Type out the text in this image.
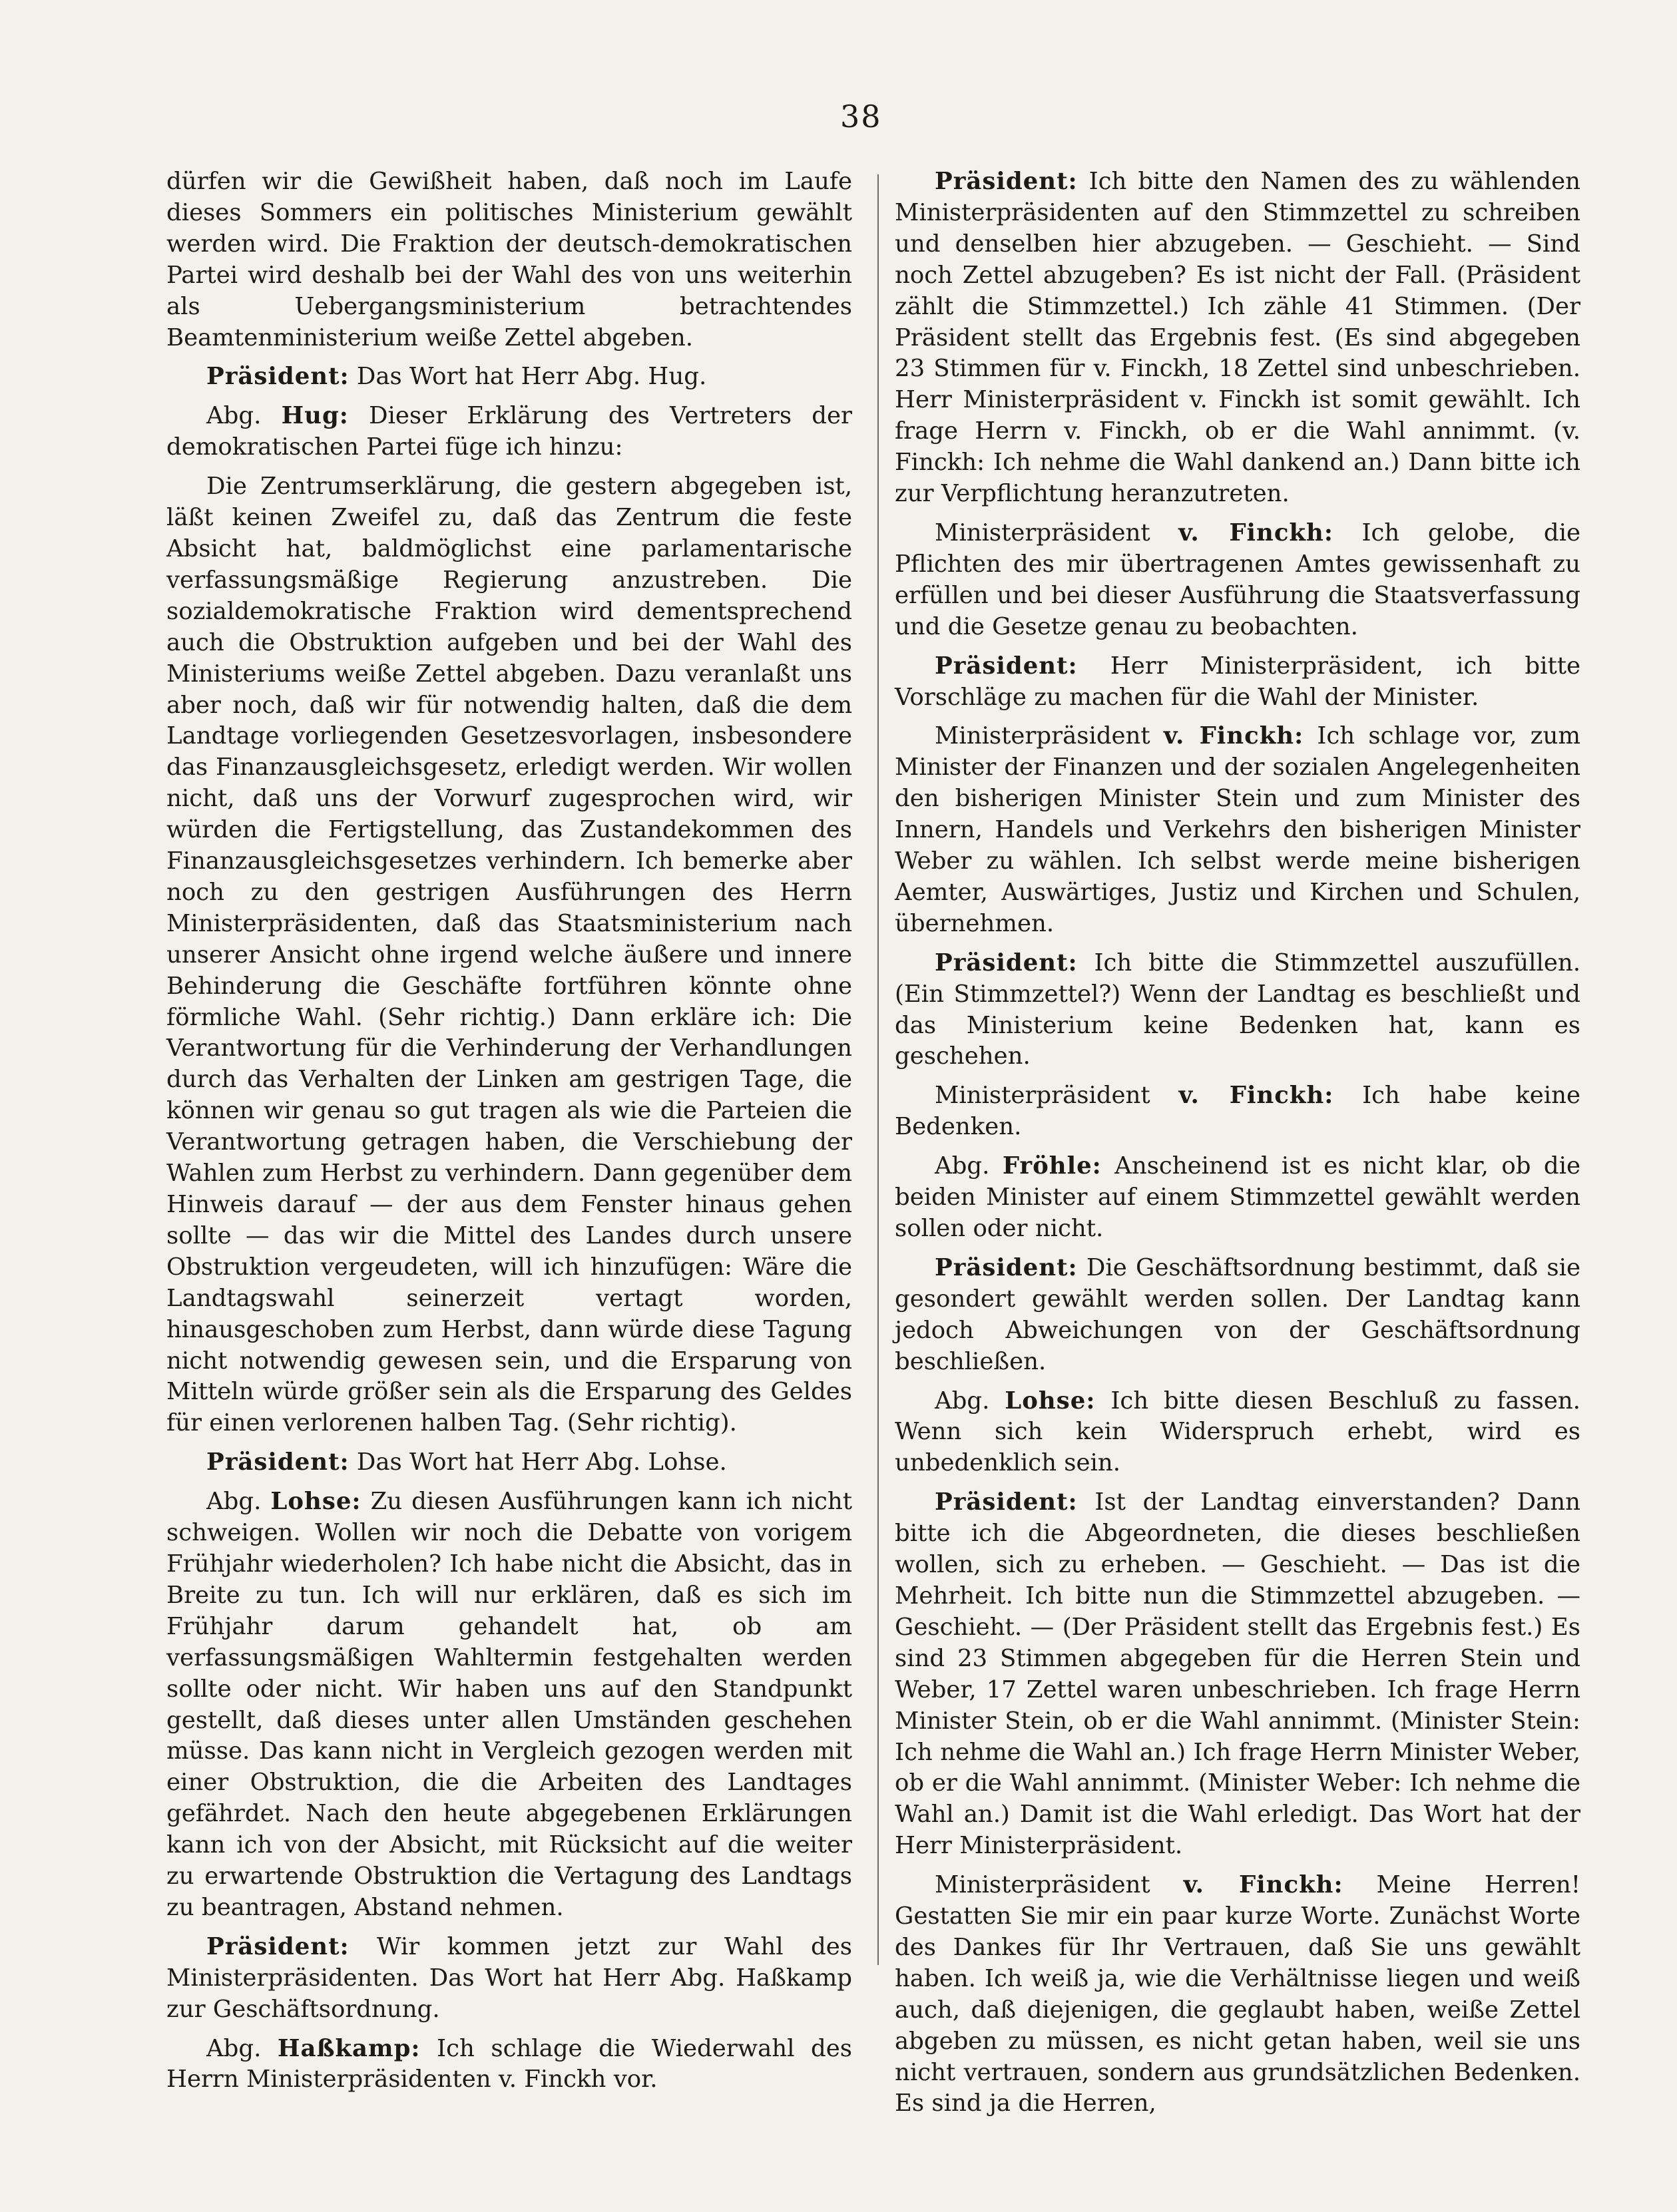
38

dürfen wir die Gewißheit haben, daß noch im Laufe dieses Sommers ein politisches Ministerium gewählt werden wird. Die Fraktion der deutsch-demokratischen Partei wird deshalb bei der Wahl des von uns weiterhin als Uebergangsministerium betrachtendes Beamtenministerium weiße Zettel abgeben.

Präsident: Das Wort hat Herr Abg. Hug.

Abg. Hug: Dieser Erklärung des Vertreters der demokratischen Partei füge ich hinzu:

Die Zentrumserklärung, die gestern abgegeben ist, läßt keinen Zweifel zu, daß das Zentrum die feste Absicht hat, baldmöglichst eine parlamentarische verfassungsmäßige Regierung anzustreben. Die sozialdemokratische Fraktion wird dementsprechend auch die Obstruktion aufgeben und bei der Wahl des Ministeriums weiße Zettel abgeben. Dazu veranlaßt uns aber noch, daß wir für notwendig halten, daß die dem Landtage vorliegenden Gesetzesvorlagen, insbesondere das Finanzausgleichsgesetz, erledigt werden. Wir wollen nicht, daß uns der Vorwurf zugesprochen wird, wir würden die Fertigstellung, das Zustandekommen des Finanzausgleichsgesetzes verhindern. Ich bemerke aber noch zu den gestrigen Ausführungen des Herrn Ministerpräsidenten, daß das Staatsministerium nach unserer Ansicht ohne irgend welche äußere und innere Behinderung die Geschäfte fortführen könnte ohne förmliche Wahl. (Sehr richtig.) Dann erkläre ich: Die Verantwortung für die Verhinderung der Verhandlungen durch das Verhalten der Linken am gestrigen Tage, die können wir genau so gut tragen als wie die Parteien die Verantwortung getragen haben, die Verschiebung der Wahlen zum Herbst zu verhindern. Dann gegenüber dem Hinweis darauf — der aus dem Fenster hinaus gehen sollte — das wir die Mittel des Landes durch unsere Obstruktion vergeudeten, will ich hinzufügen: Wäre die Landtagswahl seinerzeit vertagt worden, hinausgeschoben zum Herbst, dann würde diese Tagung nicht notwendig gewesen sein, und die Ersparung von Mitteln würde größer sein als die Ersparung des Geldes für einen verlorenen halben Tag. (Sehr richtig).

Präsident: Das Wort hat Herr Abg. Lohse.

Abg. Lohse: Zu diesen Ausführungen kann ich nicht schweigen. Wollen wir noch die Debatte von vorigem Frühjahr wiederholen? Ich habe nicht die Absicht, das in Breite zu tun. Ich will nur erklären, daß es sich im Frühjahr darum gehandelt hat, ob am verfassungsmäßigen Wahltermin festgehalten werden sollte oder nicht. Wir haben uns auf den Standpunkt gestellt, daß dieses unter allen Umständen geschehen müsse. Das kann nicht in Vergleich gezogen werden mit einer Obstruktion, die die Arbeiten des Landtages gefährdet. Nach den heute abgegebenen Erklärungen kann ich von der Absicht, mit Rücksicht auf die weiter zu erwartende Obstruktion die Vertagung des Landtags zu beantragen, Abstand nehmen.

Präsident: Wir kommen jetzt zur Wahl des Ministerpräsidenten. Das Wort hat Herr Abg. Haßkamp zur Geschäftsordnung.

Abg. Haßkamp: Ich schlage die Wiederwahl des Herrn Ministerpräsidenten v. Finckh vor.

Präsident: Ich bitte den Namen des zu wählenden Ministerpräsidenten auf den Stimmzettel zu schreiben und denselben hier abzugeben. — Geschieht. — Sind noch Zettel abzugeben? Es ist nicht der Fall. (Präsident zählt die Stimmzettel.) Ich zähle 41 Stimmen. (Der Präsident stellt das Ergebnis fest. (Es sind abgegeben 23 Stimmen für v. Finckh, 18 Zettel sind unbeschrieben. Herr Ministerpräsident v. Finckh ist somit gewählt. Ich frage Herrn v. Finckh, ob er die Wahl annimmt. (v. Finckh: Ich nehme die Wahl dankend an.) Dann bitte ich zur Verpflichtung heranzutreten.

Ministerpräsident v. Finckh: Ich gelobe, die Pflichten des mir übertragenen Amtes gewissenhaft zu erfüllen und bei dieser Ausführung die Staatsverfassung und die Gesetze genau zu beobachten.

Präsident: Herr Ministerpräsident, ich bitte Vorschläge zu machen für die Wahl der Minister.

Ministerpräsident v. Finckh: Ich schlage vor, zum Minister der Finanzen und der sozialen Angelegenheiten den bisherigen Minister Stein und zum Minister des Innern, Handels und Verkehrs den bisherigen Minister Weber zu wählen. Ich selbst werde meine bisherigen Aemter, Auswärtiges, Justiz und Kirchen und Schulen, übernehmen.

Präsident: Ich bitte die Stimmzettel auszufüllen. (Ein Stimmzettel?) Wenn der Landtag es beschließt und das Ministerium keine Bedenken hat, kann es geschehen.

Ministerpräsident v. Finckh: Ich habe keine Bedenken.

Abg. Fröhle: Anscheinend ist es nicht klar, ob die beiden Minister auf einem Stimmzettel gewählt werden sollen oder nicht.

Präsident: Die Geschäftsordnung bestimmt, daß sie gesondert gewählt werden sollen. Der Landtag kann jedoch Abweichungen von der Geschäftsordnung beschließen.

Abg. Lohse: Ich bitte diesen Beschluß zu fassen. Wenn sich kein Widerspruch erhebt, wird es unbedenklich sein.

Präsident: Ist der Landtag einverstanden? Dann bitte ich die Abgeordneten, die dieses beschließen wollen, sich zu erheben. — Geschieht. — Das ist die Mehrheit. Ich bitte nun die Stimmzettel abzugeben. — Geschieht. — (Der Präsident stellt das Ergebnis fest.) Es sind 23 Stimmen abgegeben für die Herren Stein und Weber, 17 Zettel waren unbeschrieben. Ich frage Herrn Minister Stein, ob er die Wahl annimmt. (Minister Stein: Ich nehme die Wahl an.) Ich frage Herrn Minister Weber, ob er die Wahl annimmt. (Minister Weber: Ich nehme die Wahl an.) Damit ist die Wahl erledigt. Das Wort hat der Herr Ministerpräsident.

Ministerpräsident v. Finckh: Meine Herren! Gestatten Sie mir ein paar kurze Worte. Zunächst Worte des Dankes für Ihr Vertrauen, daß Sie uns gewählt haben. Ich weiß ja, wie die Verhältnisse liegen und weiß auch, daß diejenigen, die geglaubt haben, weiße Zettel abgeben zu müssen, es nicht getan haben, weil sie uns nicht vertrauen, sondern aus grundsätzlichen Bedenken. Es sind ja die Herren,
